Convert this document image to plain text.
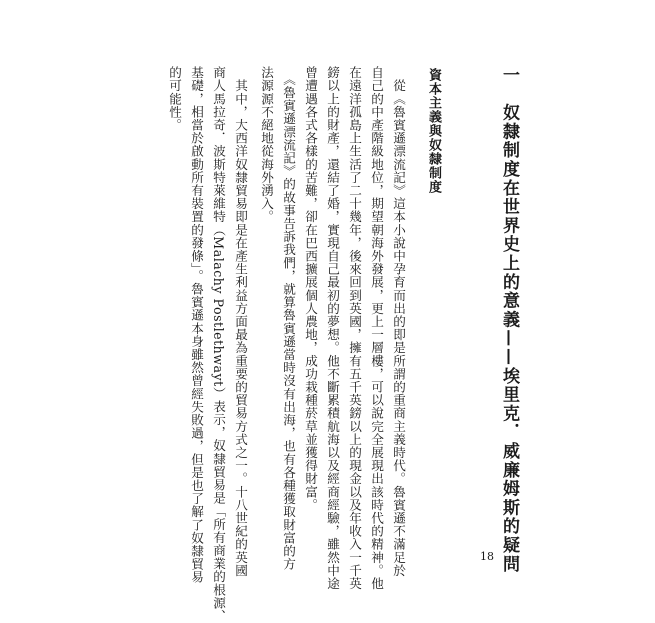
一　奴隸制度在世界史上的意義——埃里克．威廉姆斯的疑問
資本主義與奴隸制度
　從《魯賓遜漂流記》這本小說中孕育而出的即是所謂的重商主義時代。魯賓遜不滿足於
自己的中產階級地位，期望朝海外發展，更上一層樓，可以說完全展現出該時代的精神。他
在遠洋孤島上生活了二十幾年，後來回到英國，擁有五千英鎊以上的現金以及年收入一千英
鎊以上的財產，還結了婚，實現自己最初的夢想。他不斷累積航海以及經商經驗，雖然中途
曾遭遇各式各樣的苦難，卻在巴西擴展個人農地，成功栽種菸草並獲得財富。
　《魯賓遜漂流記》的故事告訴我們，就算魯賓遜當時沒有出海，也有各種獲取財富的方
法源源不絕地從海外湧入。
　其中，大西洋奴隸貿易即是在產生利益方面最為重要的貿易方式之一。十八世紀的英國
商人馬拉奇．波斯特萊維特（Malachy Postlethwayt）表示，奴隸貿易是「所有商業的根源、
基礎，相當於啟動所有裝置的發條」。魯賓遜本身雖然曾經失敗過，但是也了解了奴隸貿易
的可能性。
18
